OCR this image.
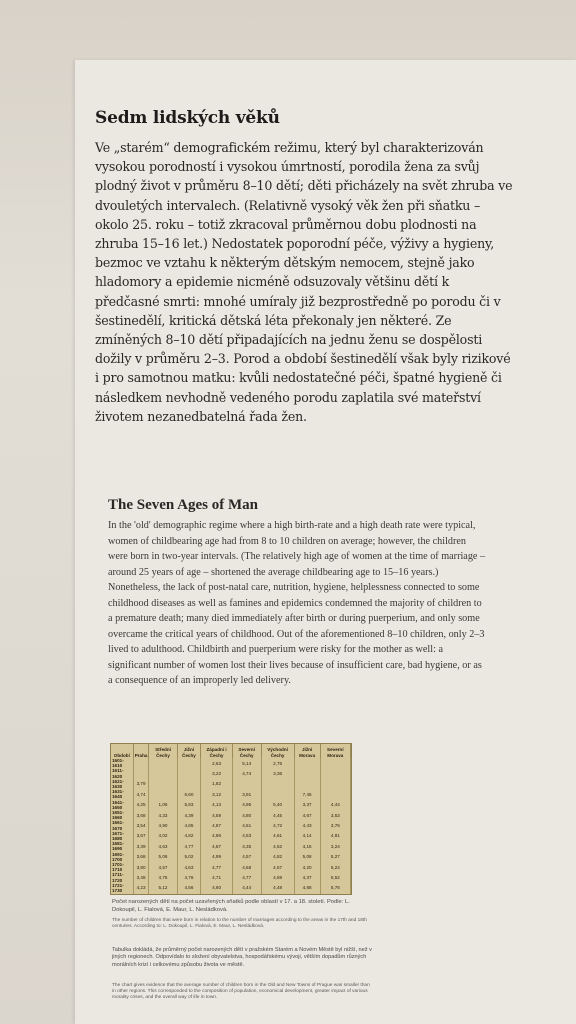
Sedm lidských věků

Ve „starém“ demografickém režimu, který byl charakterizován vysokou porodností i vysokou úmrtností, porodila žena za svůj plodný život v průměru 8–10 dětí; děti přicházely na svět zhruba ve dvouletých intervalech. (Relativně vysoký věk žen při sňatku – okolo 25. roku – totiž zkracoval průměrnou dobu plodnosti na zhruba 15–16 let.) Nedostatek poporodní péče, výživy a hygieny, bezmoc ve vztahu k některým dětským nemocem, stejně jako hladomory a epidemie nicméně odsuzovaly většinu dětí k předčasné smrti: mnohé umíraly již bezprostředně po porodu či v šestinedělí, kritická dětská léta překonaly jen některé. Ze zmíněných 8–10 dětí připadajících na jednu ženu se dospělosti dožily v průměru 2–3. Porod a období šestinedělí však byly rizikové i pro samotnou matku: kvůli nedostatečné péči, špatné hygieně či následkem nevhodně vedeného porodu zaplatila své mateřství životem nezanedbatelná řada žen.

The Seven Ages of Man

In the 'old' demographic regime where a high birth-rate and a high death rate were typical, women of childbearing age had from 8 to 10 children on average; however, the children were born in two-year intervals. (The relatively high age of women at the time of marriage – around 25 years of age – shortened the average childbearing age to 15–16 years.) Nonetheless, the lack of post-natal care, nutrition, hygiene, helplessness connected to some childhood diseases as well as famines and epidemics condemned the majority of children to a premature death; many died immediately after birth or during puerperium, and only some overcame the critical years of childhood. Out of the aforementioned 8–10 children, only 2–3 lived to adulthood. Childbirth and puerperium were risky for the mother as well: a significant number of women lost their lives because of insufficient care, bad hygiene, or as a consequence of an improperly led delivery.

Období	Praha	Střední Čechy	Jižní Čechy	Západní i Čechy	Severní Čechy	Východní Čechy	Jižní Morava	Severní Morava
1601-1610				2,63	5,14	2,75		
1611-1620				3,22	4,74	3,36		
1621-1630	3,79			1,82				
1631-1640	4,74		6,60	3,12	3,91		7,45	
1641-1650	4,25	1,06	5,83	4,13	4,95	5,40	3,37	4,44
1651-1660	3,68	4,33	4,39	4,59	4,80	4,45	4,67	3,53
1661-1670	3,54	4,90	4,65	4,87	4,61	4,72	4,43	3,76
1671-1680	3,67	4,02	4,82	4,86	4,53	4,61	4,14	4,81
1681-1690	3,39	4,63	4,77	4,87	4,35	4,52	4,15	3,24
1691-1700	3,68	5,06	5,02	4,99	4,57	4,82	5,08	5,27
1701-1710	3,80	4,57	4,63	4,77	4,68	4,57	4,20	5,24
1711-1720	3,48	4,75	4,76	4,71	4,77	4,59	4,37	5,52
1721-1730	4,23	5,12	4,56	4,60	4,44	4,48	4,68	5,76

Počet narozených dětí na počet uzavřených sňatků podle oblastí v 17. a 18. století. Podle: L. Dokoupil, L. Fialová, E. Maur, L. Nesládková.

The number of children that were born in relation to the number of marriages according to the areas in the 17th and 18th centuries. According to: L. Dokoupil, L. Fialová, E. Maur, L. Nesládková.

Tabulka dokládá, že průměrný počet narozených dětí v pražském Starém a Novém Městě byl nižší, než v jiných regionech. Odpovídalo to složení obyvatelstva, hospodářskému vývoji, větším dopadům různých morálních krizí i celkovému způsobu života ve městě.

The chart gives evidence that the average number of children born in the Old and New Towns of Prague was smaller than in other regions. This corresponded to the composition of population, economical development, greater impact of various morality crises, and the overall way of life in town.
